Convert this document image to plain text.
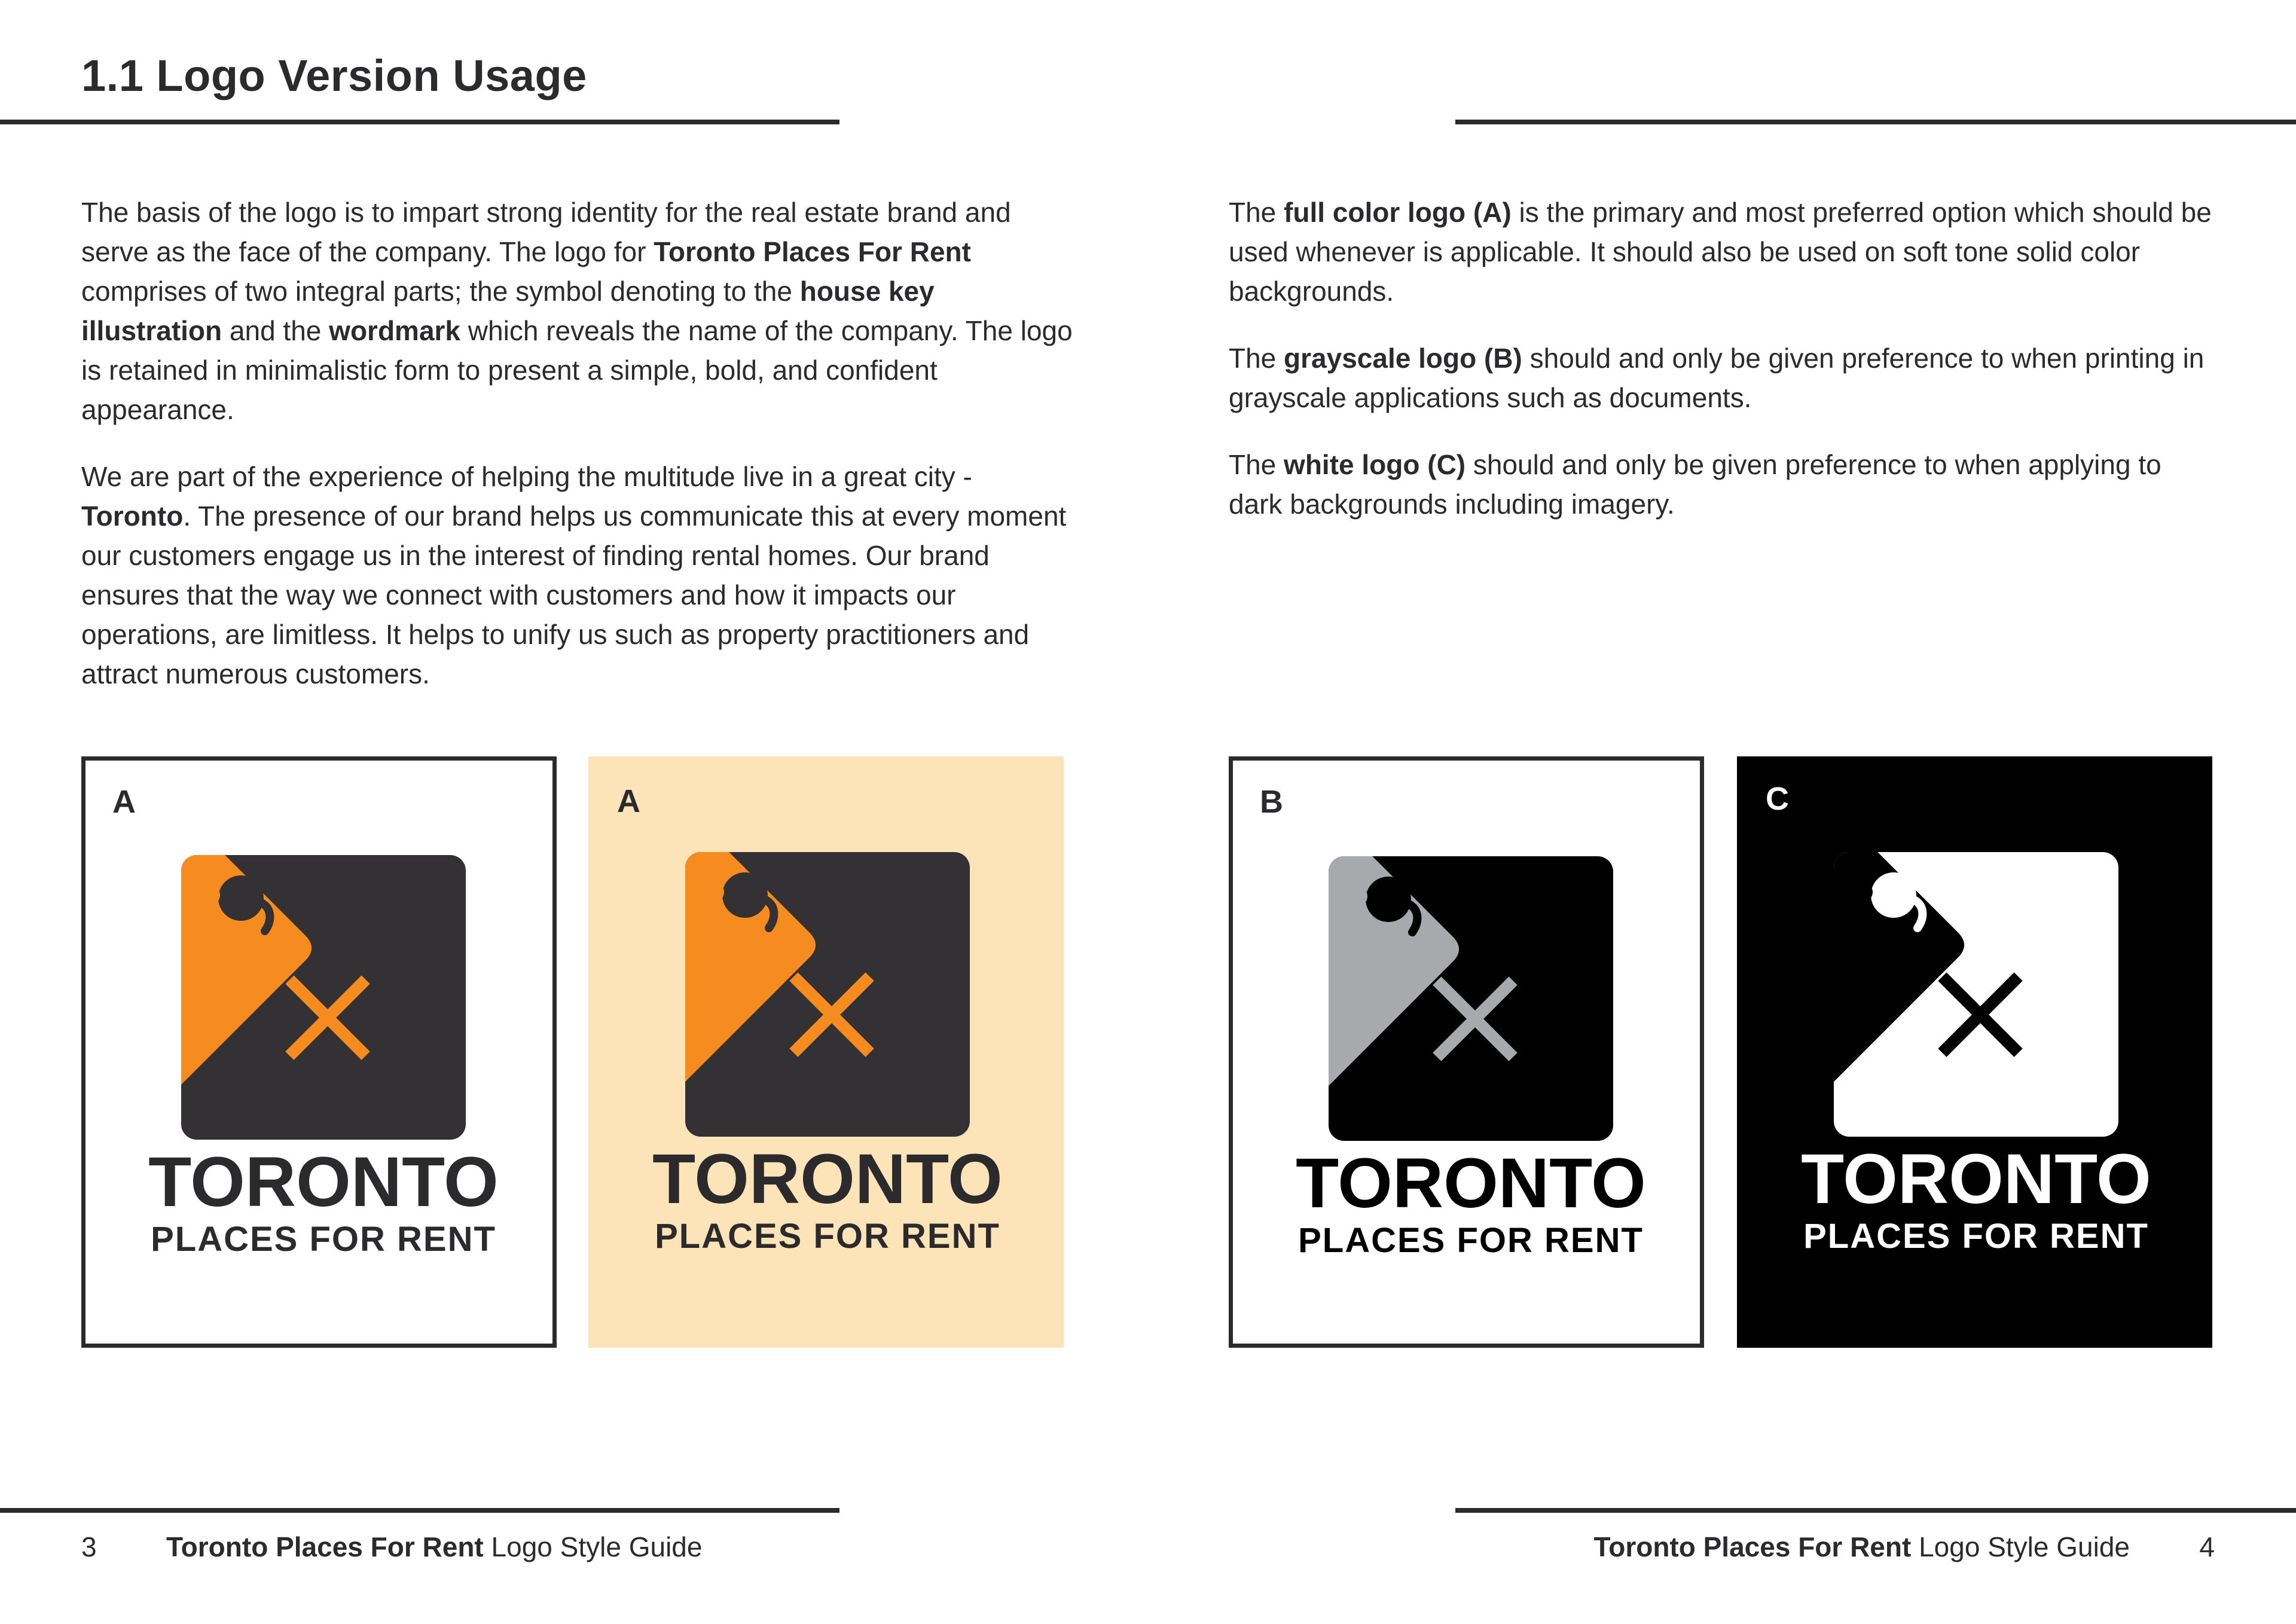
1.1 Logo Version Usage

The basis of the logo is to impart strong identity for the real estate brand and serve as the face of the company. The logo for Toronto Places For Rent comprises of two integral parts; the symbol denoting to the house key illustration and the wordmark which reveals the name of the company. The logo is retained in minimalistic form to present a simple, bold, and confident appearance.

We are part of the experience of helping the multitude live in a great city - Toronto. The presence of our brand helps us communicate this at every moment our customers engage us in the interest of finding rental homes. Our brand ensures that the way we connect with customers and how it impacts our operations, are limitless. It helps to unify us such as property practitioners and attract numerous customers.

The full color logo (A) is the primary and most preferred option which should be used whenever is applicable. It should also be used on soft tone solid color backgrounds.

The grayscale logo (B) should and only be given preference to when printing in grayscale applications such as documents.

The white logo (C) should and only be given preference to when applying to dark backgrounds including imagery.

TORONTO
PLACES FOR RENT
A
TORONTO
PLACES FOR RENT
A
TORONTO
PLACES FOR RENT
B
TORONTO
PLACES FOR RENT
C
3	Toronto Places For Rent Logo Style Guide	Toronto Places For Rent Logo Style Guide	4
